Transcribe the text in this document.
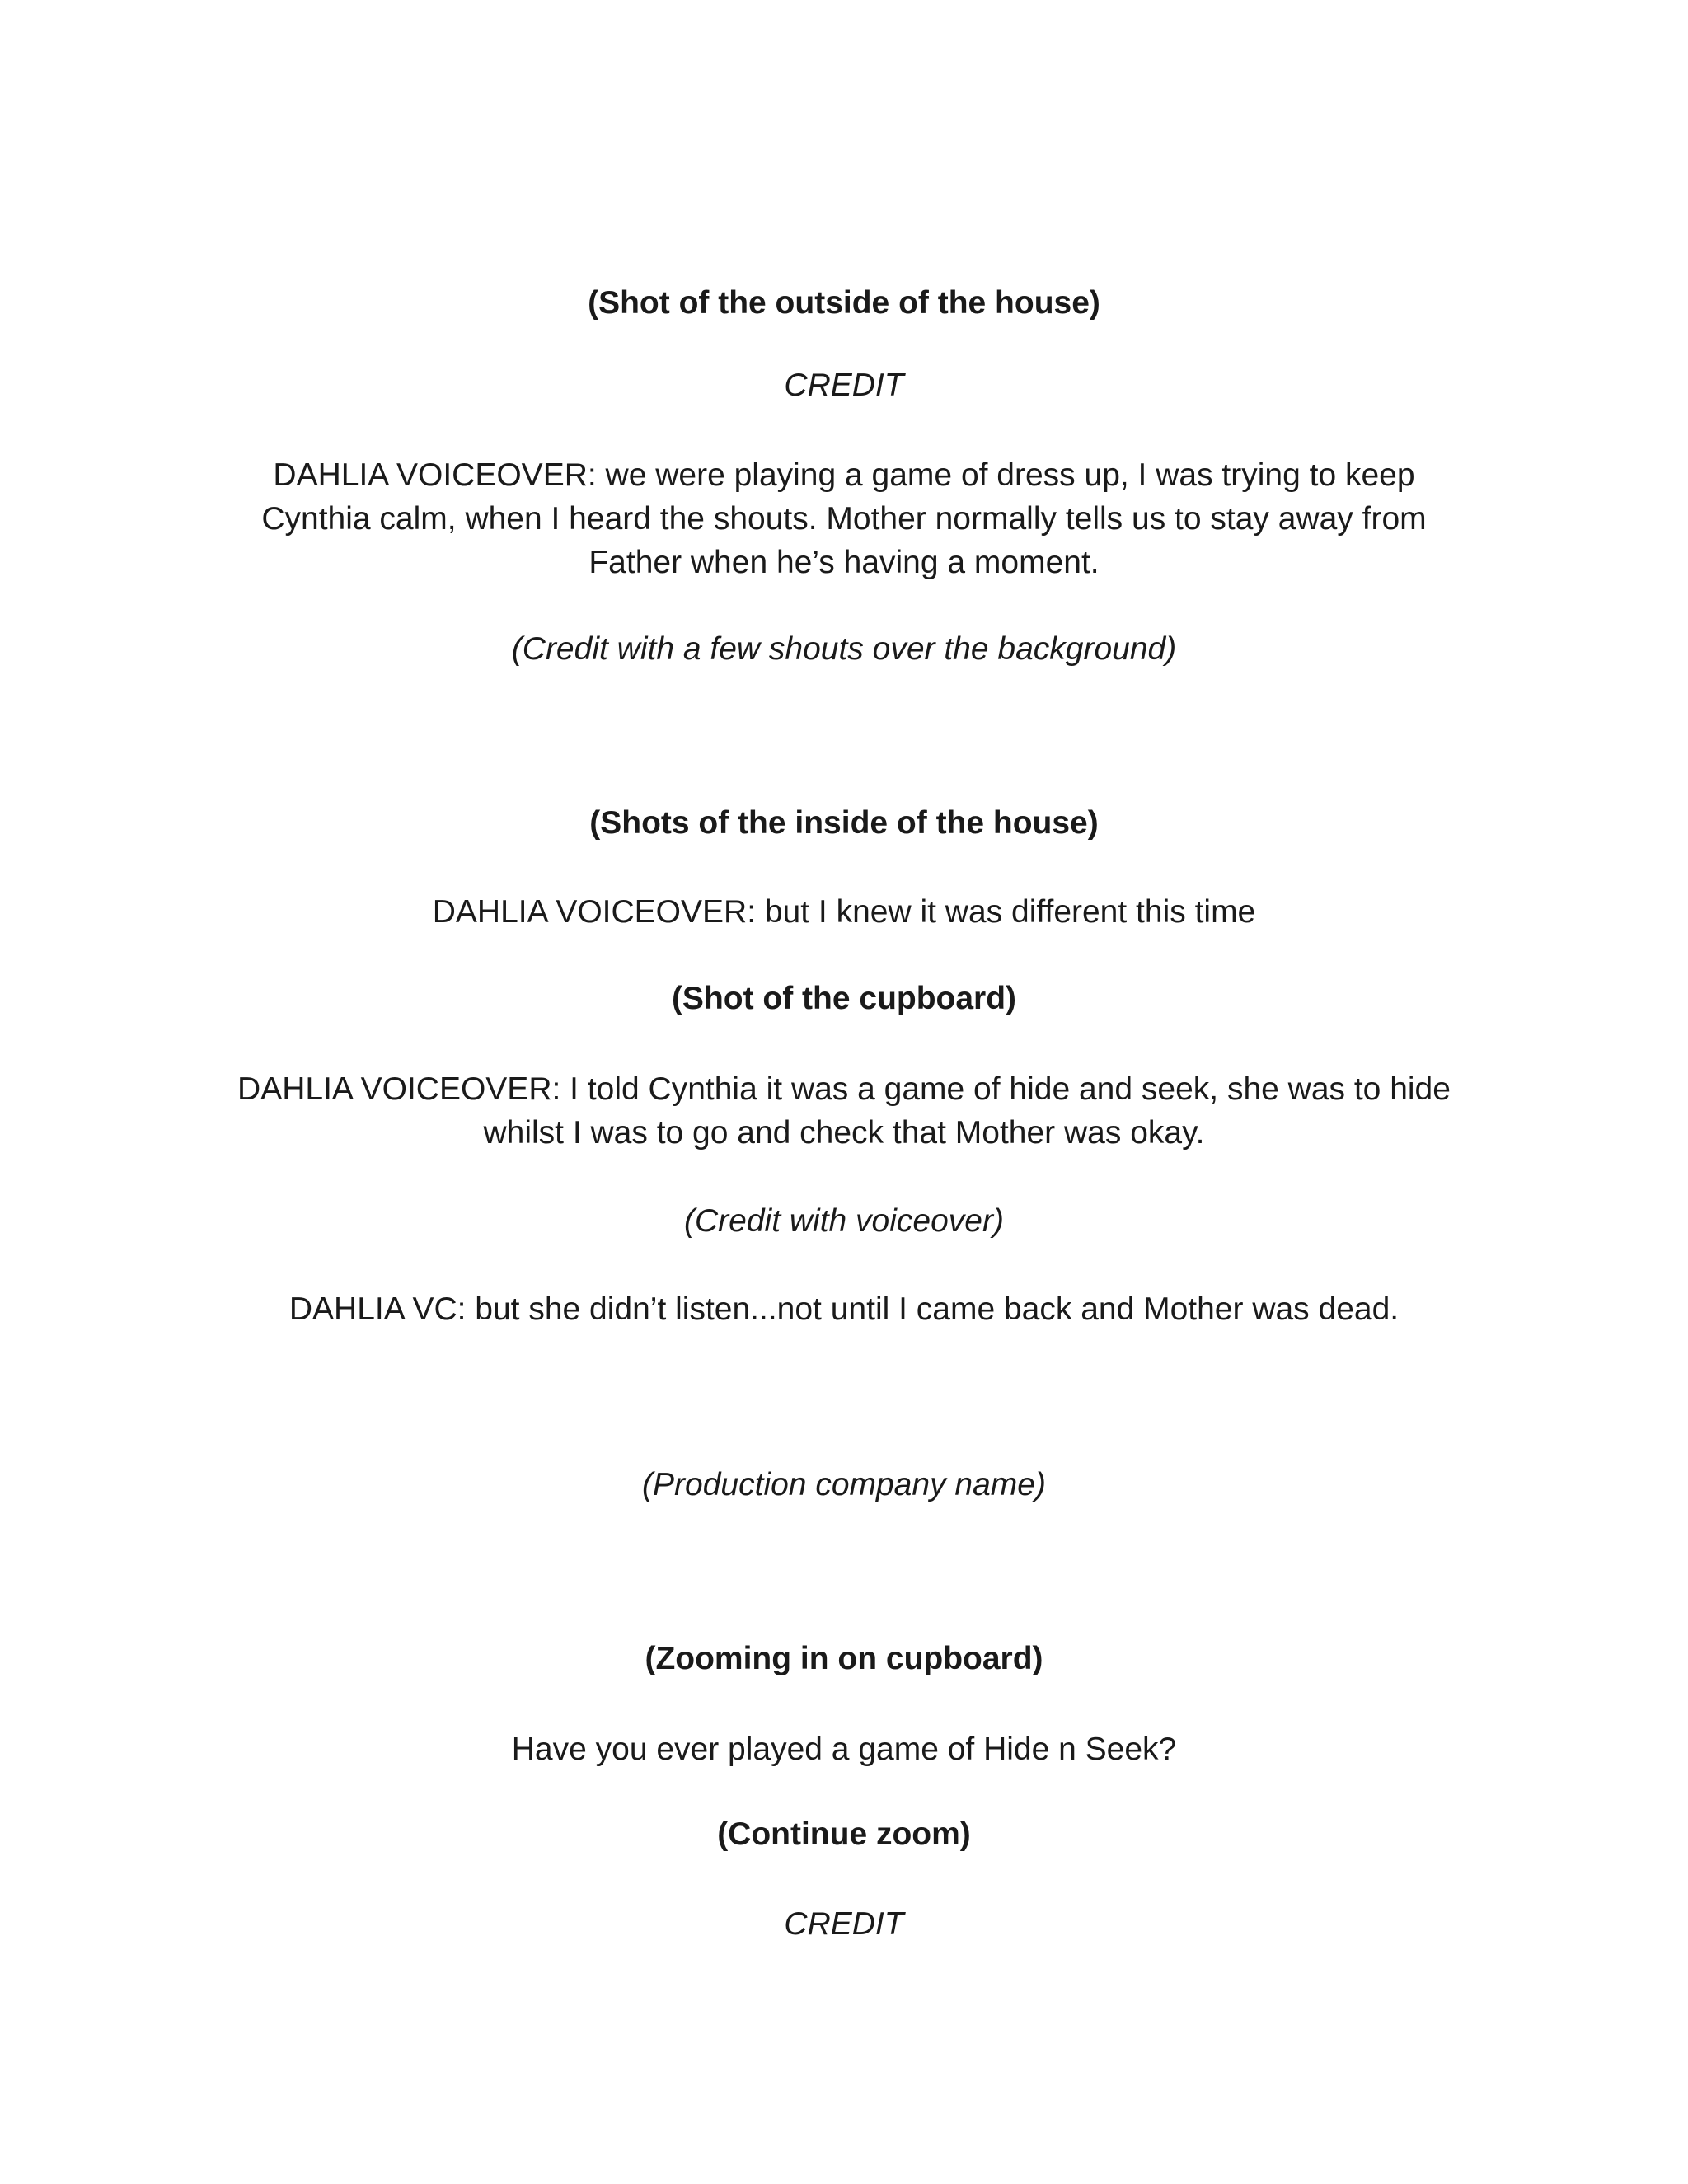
(Shot of the outside of the house)

CREDIT

DAHLIA VOICEOVER: we were playing a game of dress up, I was trying to keep Cynthia calm, when I heard the shouts. Mother normally tells us to stay away from Father when he’s having a moment.

(Credit with a few shouts over the background)

(Shots of the inside of the house)

DAHLIA VOICEOVER: but I knew it was different this time

(Shot of the cupboard)

DAHLIA VOICEOVER: I told Cynthia it was a game of hide and seek, she was to hide whilst I was to go and check that Mother was okay.

(Credit with voiceover)

DAHLIA VC: but she didn’t listen...not until I came back and Mother was dead.

(Production company name)

(Zooming in on cupboard)

Have you ever played a game of Hide n Seek?

(Continue zoom)

CREDIT
